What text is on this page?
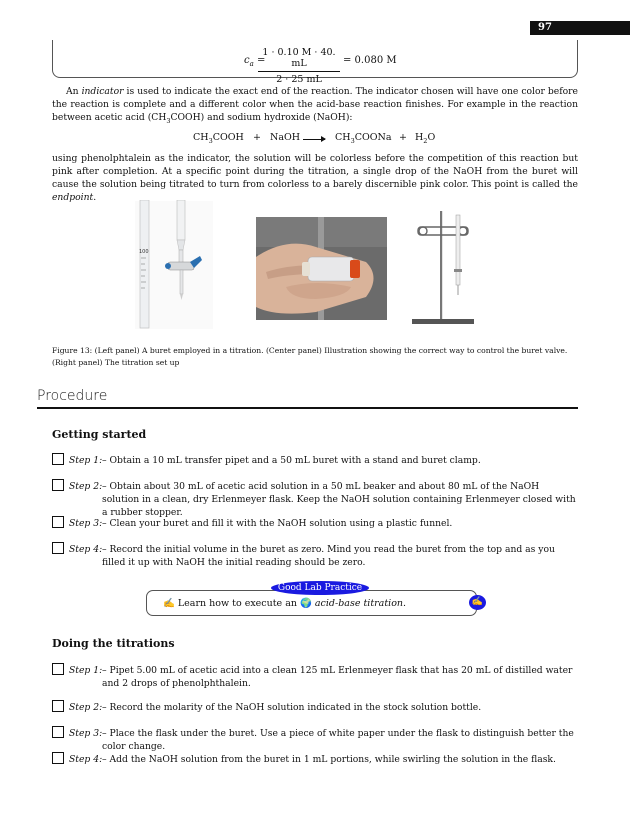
97
$c_a$ =
$\frac{1 \cdot 0.10 M \cdot 40. mL}{2 \cdot 25 mL} = 0.080$ M

An indicator is used to indicate the exact end of the reaction. The indicator chosen will have one color before the reaction is complete and a different color when the acid-base reaction finishes. For example in the reaction between acetic acid $(CH_3COOH)$ and sodium hydroxide (NaOH):

$CH_3COOH$ + NaOH	$CH_3COONa + H_2O$

using phenolphtalein as the indicator, the solution will be colorless before the competition of this reaction but pink after completion. At a specific point during the titration, a single drop of the NaOH from the buret will cause the solution being titrated to turn from colorless to a barely discernible pink color. This point is called the endpoint.

100

Figure 13: (Left panel) A buret employed in a titration. (Center panel) Illustration showing the correct way to control the buret valve. (Right panel) The titration set up

Procedure
Getting started
Step 1: – Obtain a 10 mL transfer pipet and a 50 mL buret with a stand and buret clamp.
Step 2: – Obtain about 30 mL of acetic acid solution in a 50 mL beaker and about 80 mL of the NaOH solution in a clean, dry Erlenmeyer flask. Keep the NaOH solution containing Erlenmeyer closed with a rubber stopper.
Step 3: – Clean your buret and fill it with the NaOH solution using a plastic funnel.
Step 4: – Record the initial volume in the buret as zero. Mind you read the buret from the top and as you filled it up with NaOH the initial reading should be zero.
Good Lab Practice
✍ Learn how to execute an 🌍 acid-base titration.	✍
Doing the titrations
Step 1: – Pipet 5.00 mL of acetic acid into a clean 125 mL Erlenmeyer flask that has 20 mL of distilled water and 2 drops of phenolphthalein.
Step 2: – Record the molarity of the NaOH solution indicated in the stock solution bottle.
Step 3: – Place the flask under the buret. Use a piece of white paper under the flask to distinguish better the color change.
Step 4: – Add the NaOH solution from the buret in 1 mL portions, while swirling the solution in the flask.
